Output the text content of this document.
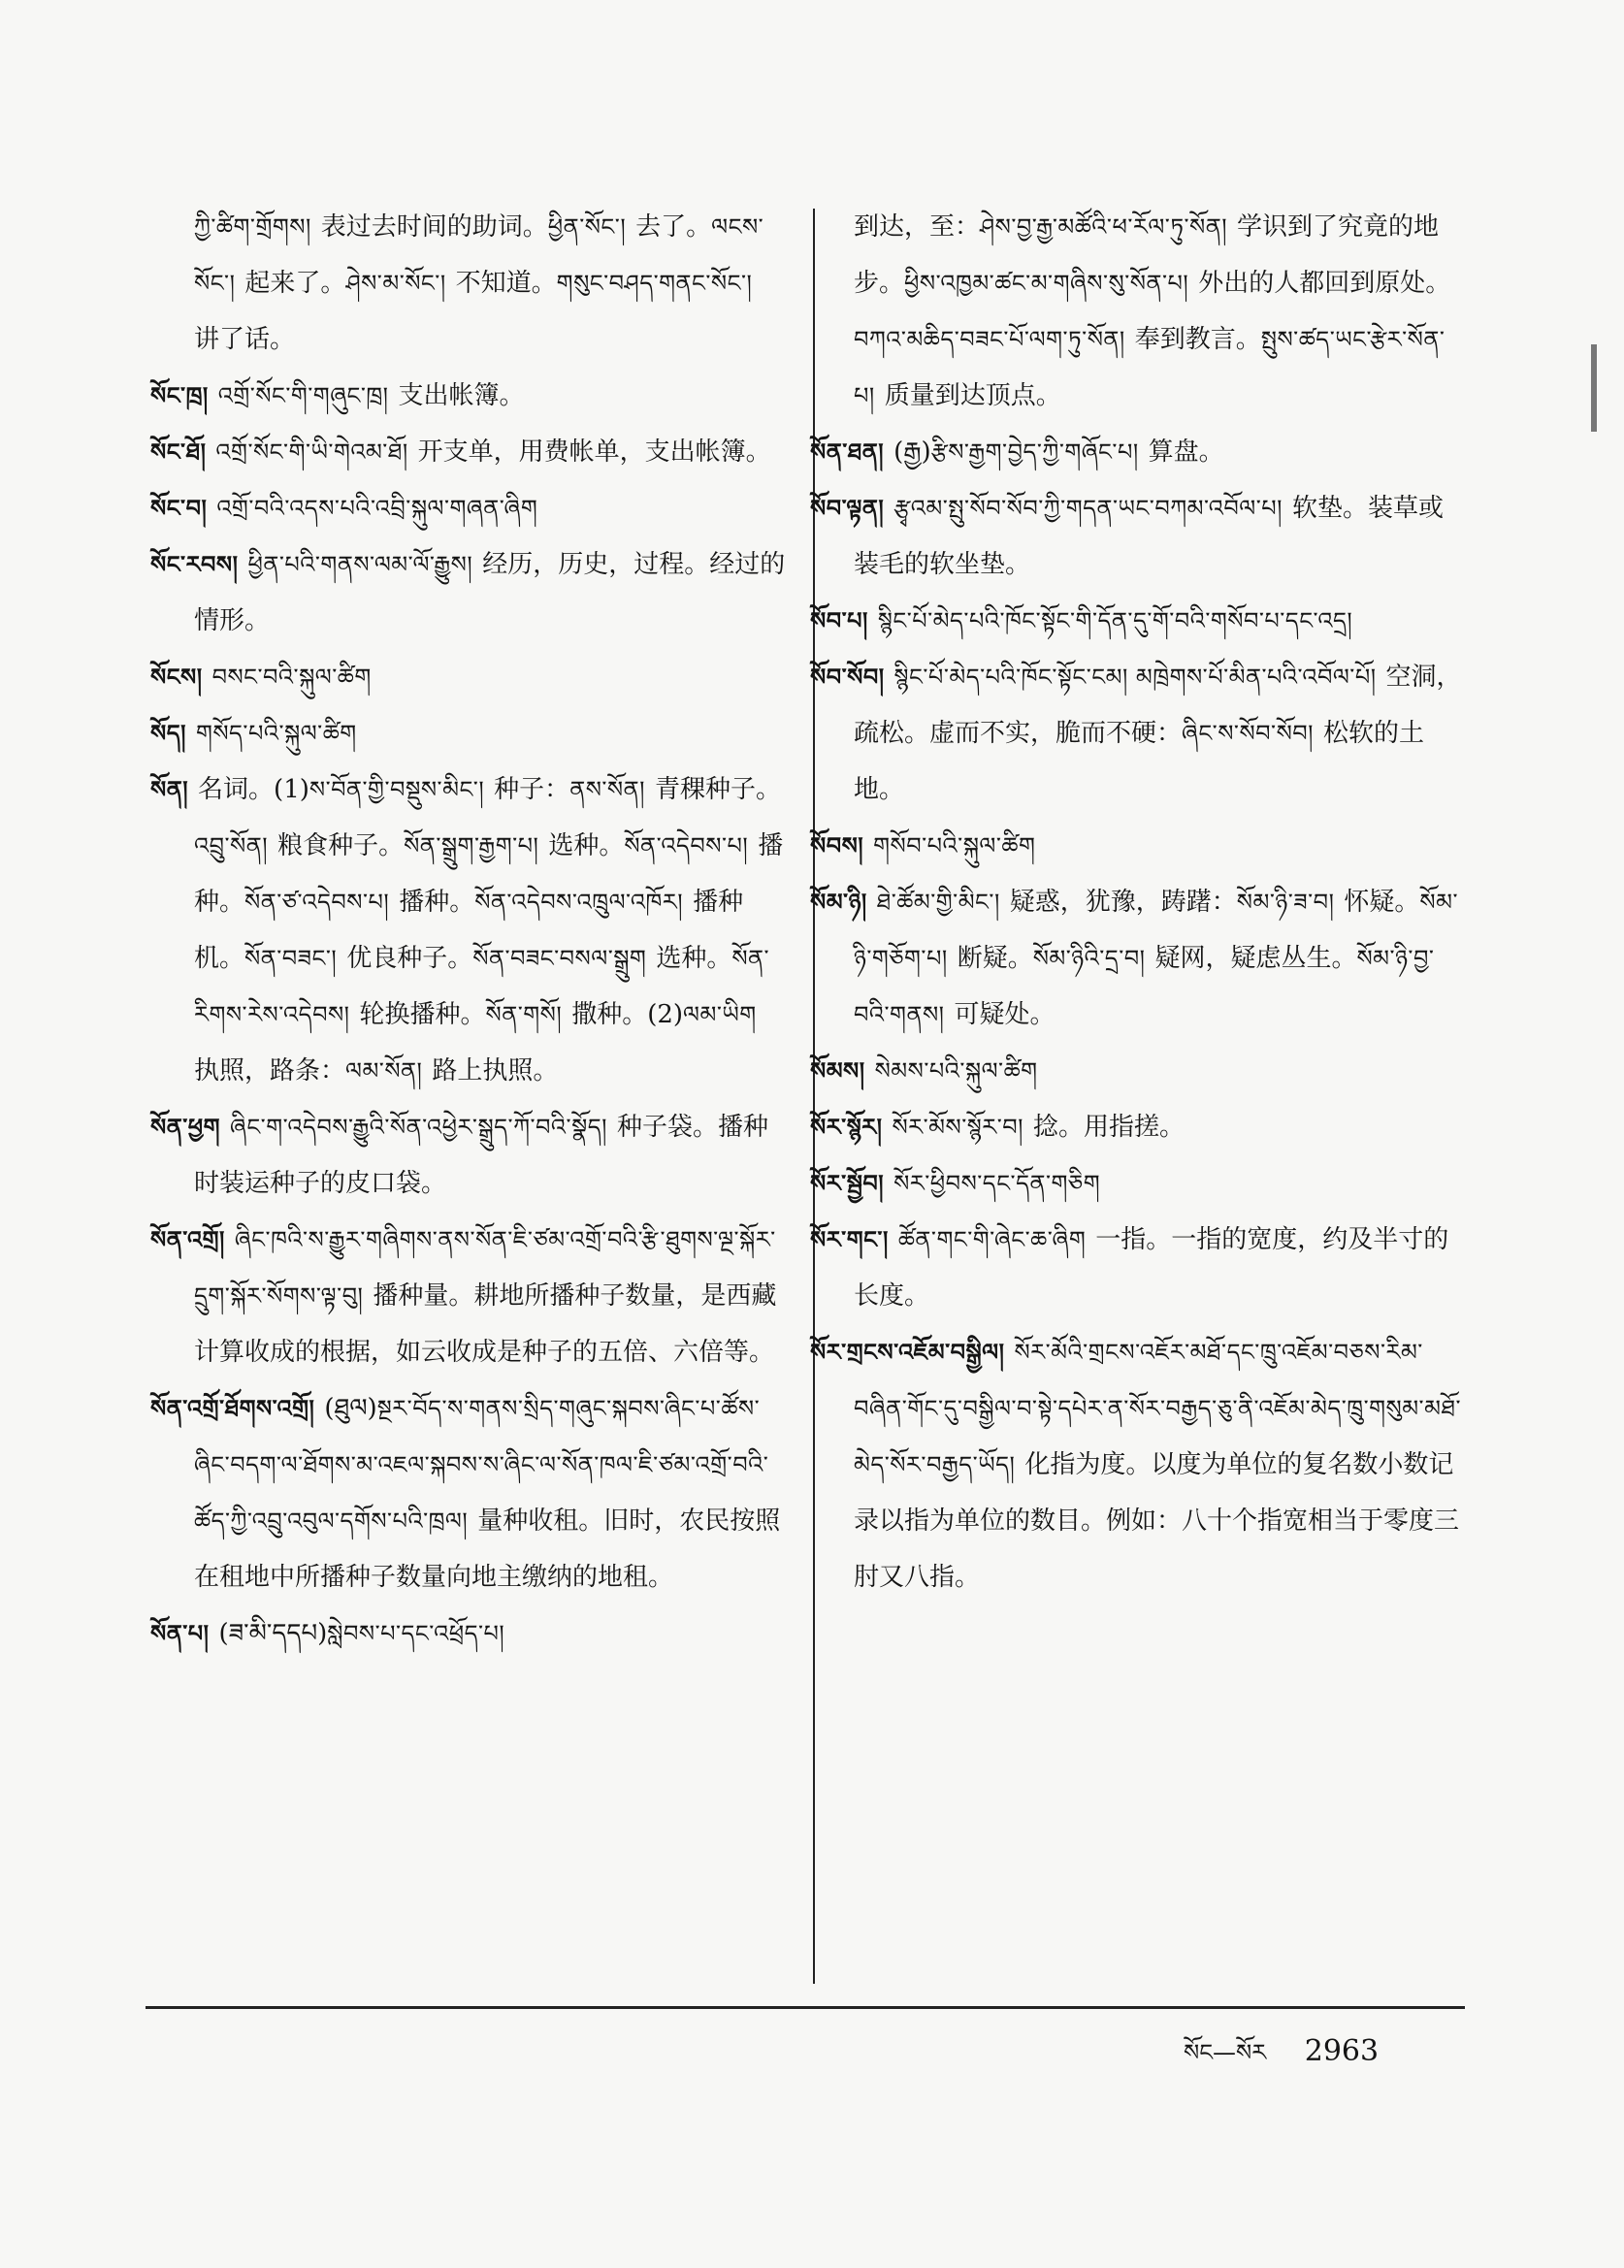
ཀྱི་ཚིག་གྲོགས། 表过去时间的助词。ཕྱིན་སོང་། 去了。ལངས་སོང་། 起来了。ཤེས་མ་སོང་། 不知道。གསུང་བཤད་གནང་སོང་།讲了话。
སོང་ཁྲ། འགྲོ་སོང་གི་གཞུང་ཁྲ། 支出帐簿。
སོང་ཐོ། འགྲོ་སོང་གི་ཡི་གེའམ་ཐོ། 开支单，用费帐单，支出帐簿。
སོང་བ། འགྲོ་བའི་འདས་པའི་འབྲི་སྐུལ་གཞན་ཞིག
སོང་རབས། ཕྱིན་པའི་གནས་ལམ་ལོ་རྒྱུས། 经历，历史，过程。经过的情形。
སོངས། བསང་བའི་སྐུལ་ཚིག
སོད། གསོད་པའི་སྐུལ་ཚིག
སོན། 名词。(1)ས་བོན་གྱི་བསྡུས་མིང་། 种子：ནས་སོན། 青稞种子。འབྲུ་སོན། 粮食种子。སོན་སྒྲུག་རྒྱག་པ། 选种。སོན་འདེབས་པ། 播种。སོན་ཙ་འདེབས་པ། 播种。སོན་འདེབས་འཁྲུལ་འཁོར། 播种机。སོན་བཟང་། 优良种子。སོན་བཟང་བསལ་སྒྲུག 选种。སོན་རིགས་རེས་འདེབས། 轮换播种。སོན་གསོ། 撒种。(2)ལམ་ཡིག执照，路条：ལམ་སོན། 路上执照。
སོན་ཕྱག ཞིང་ག་འདེབས་རྒྱུའི་སོན་འཕྱེར་སྒྲུད་ཀོ་བའི་སྣོད། 种子袋。播种时装运种子的皮口袋。
སོན་འགྲོ། ཞིང་ཁའི་ས་རྒྱུར་གཞིགས་ནས་སོན་ཇི་ཙམ་འགྲོ་བའི་རྩི་ཐུགས་ལྔ་སྐོར་དྲུག་སྐོར་སོགས་ལྟ་བུ། 播种量。耕地所播种子数量，是西藏计算收成的根据，如云收成是种子的五倍、六倍等。
སོན་འགྲོ་ཐོགས་འགྲོ། (ཐུལ)སྔར་བོད་ས་གནས་སྲིད་གཞུང་སྐབས་ཞིང་པ་ཚོས་ཞིང་བདག་ལ་ཐོགས་མ་འཇལ་སྐབས་ས་ཞིང་ལ་སོན་ཁལ་ཇི་ཙམ་འགྲོ་བའི་ཚོད་ཀྱི་འབྲུ་འབུལ་དགོས་པའི་ཁྲལ། 量种收租。旧时，农民按照在租地中所播种子数量向地主缴纳的地租。
སོན་པ། (ཟ་མི་དདཔ)སླེབས་པ་དང་འཕྲོད་པ།
到达，至：ཤེས་བྱ་རྒྱ་མཚོའི་ཕ་རོལ་ཏུ་སོན། 学识到了究竟的地步。ཕྱིས་འཁྱམ་ཚང་མ་གཞིས་སུ་སོན་པ། 外出的人都回到原处。བཀའ་མཆིད་བཟང་པོ་ལག་ཏུ་སོན། 奉到教言。སྤུས་ཚད་ཡང་རྩེར་སོན་པ། 质量到达顶点。
སོན་ཐན། (རྒྱ)རྩིས་རྒྱག་བྱེད་ཀྱི་གཞོང་པ། 算盘。
སོབ་ལྟན། རྩྭའམ་སྤུ་སོབ་སོབ་ཀྱི་གདན་ཡང་བཀམ་འབོལ་པ། 软垫。装草或装毛的软坐垫。
སོབ་པ། སྙིང་པོ་མེད་པའི་ཁོང་སྟོང་གི་དོན་དུ་གོ་བའི་གསོབ་པ་དང་འདྲ།
སོབ་སོབ། སྙིང་པོ་མེད་པའི་ཁོང་སྟོང་ངམ། མཁྲེགས་པོ་མིན་པའི་འབོལ་པོ། 空洞，疏松。虚而不实，脆而不硬：ཞིང་ས་སོབ་སོབ། 松软的土地。
སོབས། གསོབ་པའི་སྐུལ་ཚིག
སོམ་ཉི། ཐེ་ཚོམ་གྱི་མིང་། 疑惑，犹豫，踌躇：སོམ་ཉི་ཟ་བ། 怀疑。སོམ་ཉི་གཅོག་པ། 断疑。སོམ་ཉིའི་དྲ་བ། 疑网，疑虑丛生。སོམ་ཉི་བྱ་བའི་གནས། 可疑处。
སོམས། སེམས་པའི་སྐུལ་ཚིག
སོར་སྙོར། སོར་མོས་སྙོར་བ། 捻。用指搓。
སོར་སྦྱོབ། སོར་ཕྱིབས་དང་དོན་གཅིག
སོར་གང་། ཚོན་གང་གི་ཞེང་ཆ་ཞིག 一指。一指的宽度，约及半寸的长度。
སོར་གྲངས་འཇོམ་བསྒྱིལ། སོར་མོའི་གྲངས་འཇོར་མཐོ་དང་ཁྲུ་འཇོམ་བཅས་རིམ་བཞིན་གོང་དུ་བསྒྱིལ་བ་སྟེ་དཔེར་ན་སོར་བརྒྱད་ཅུ་ནི་འཇོམ་མེད་ཁྲུ་གསུམ་མཐོ་མེད་སོར་བརྒྱད་ཡོད། 化指为度。以度为单位的复名数小数记录以指为单位的数目。例如：八十个指宽相当于零度三肘又八指。
སོང—སོར 2963
